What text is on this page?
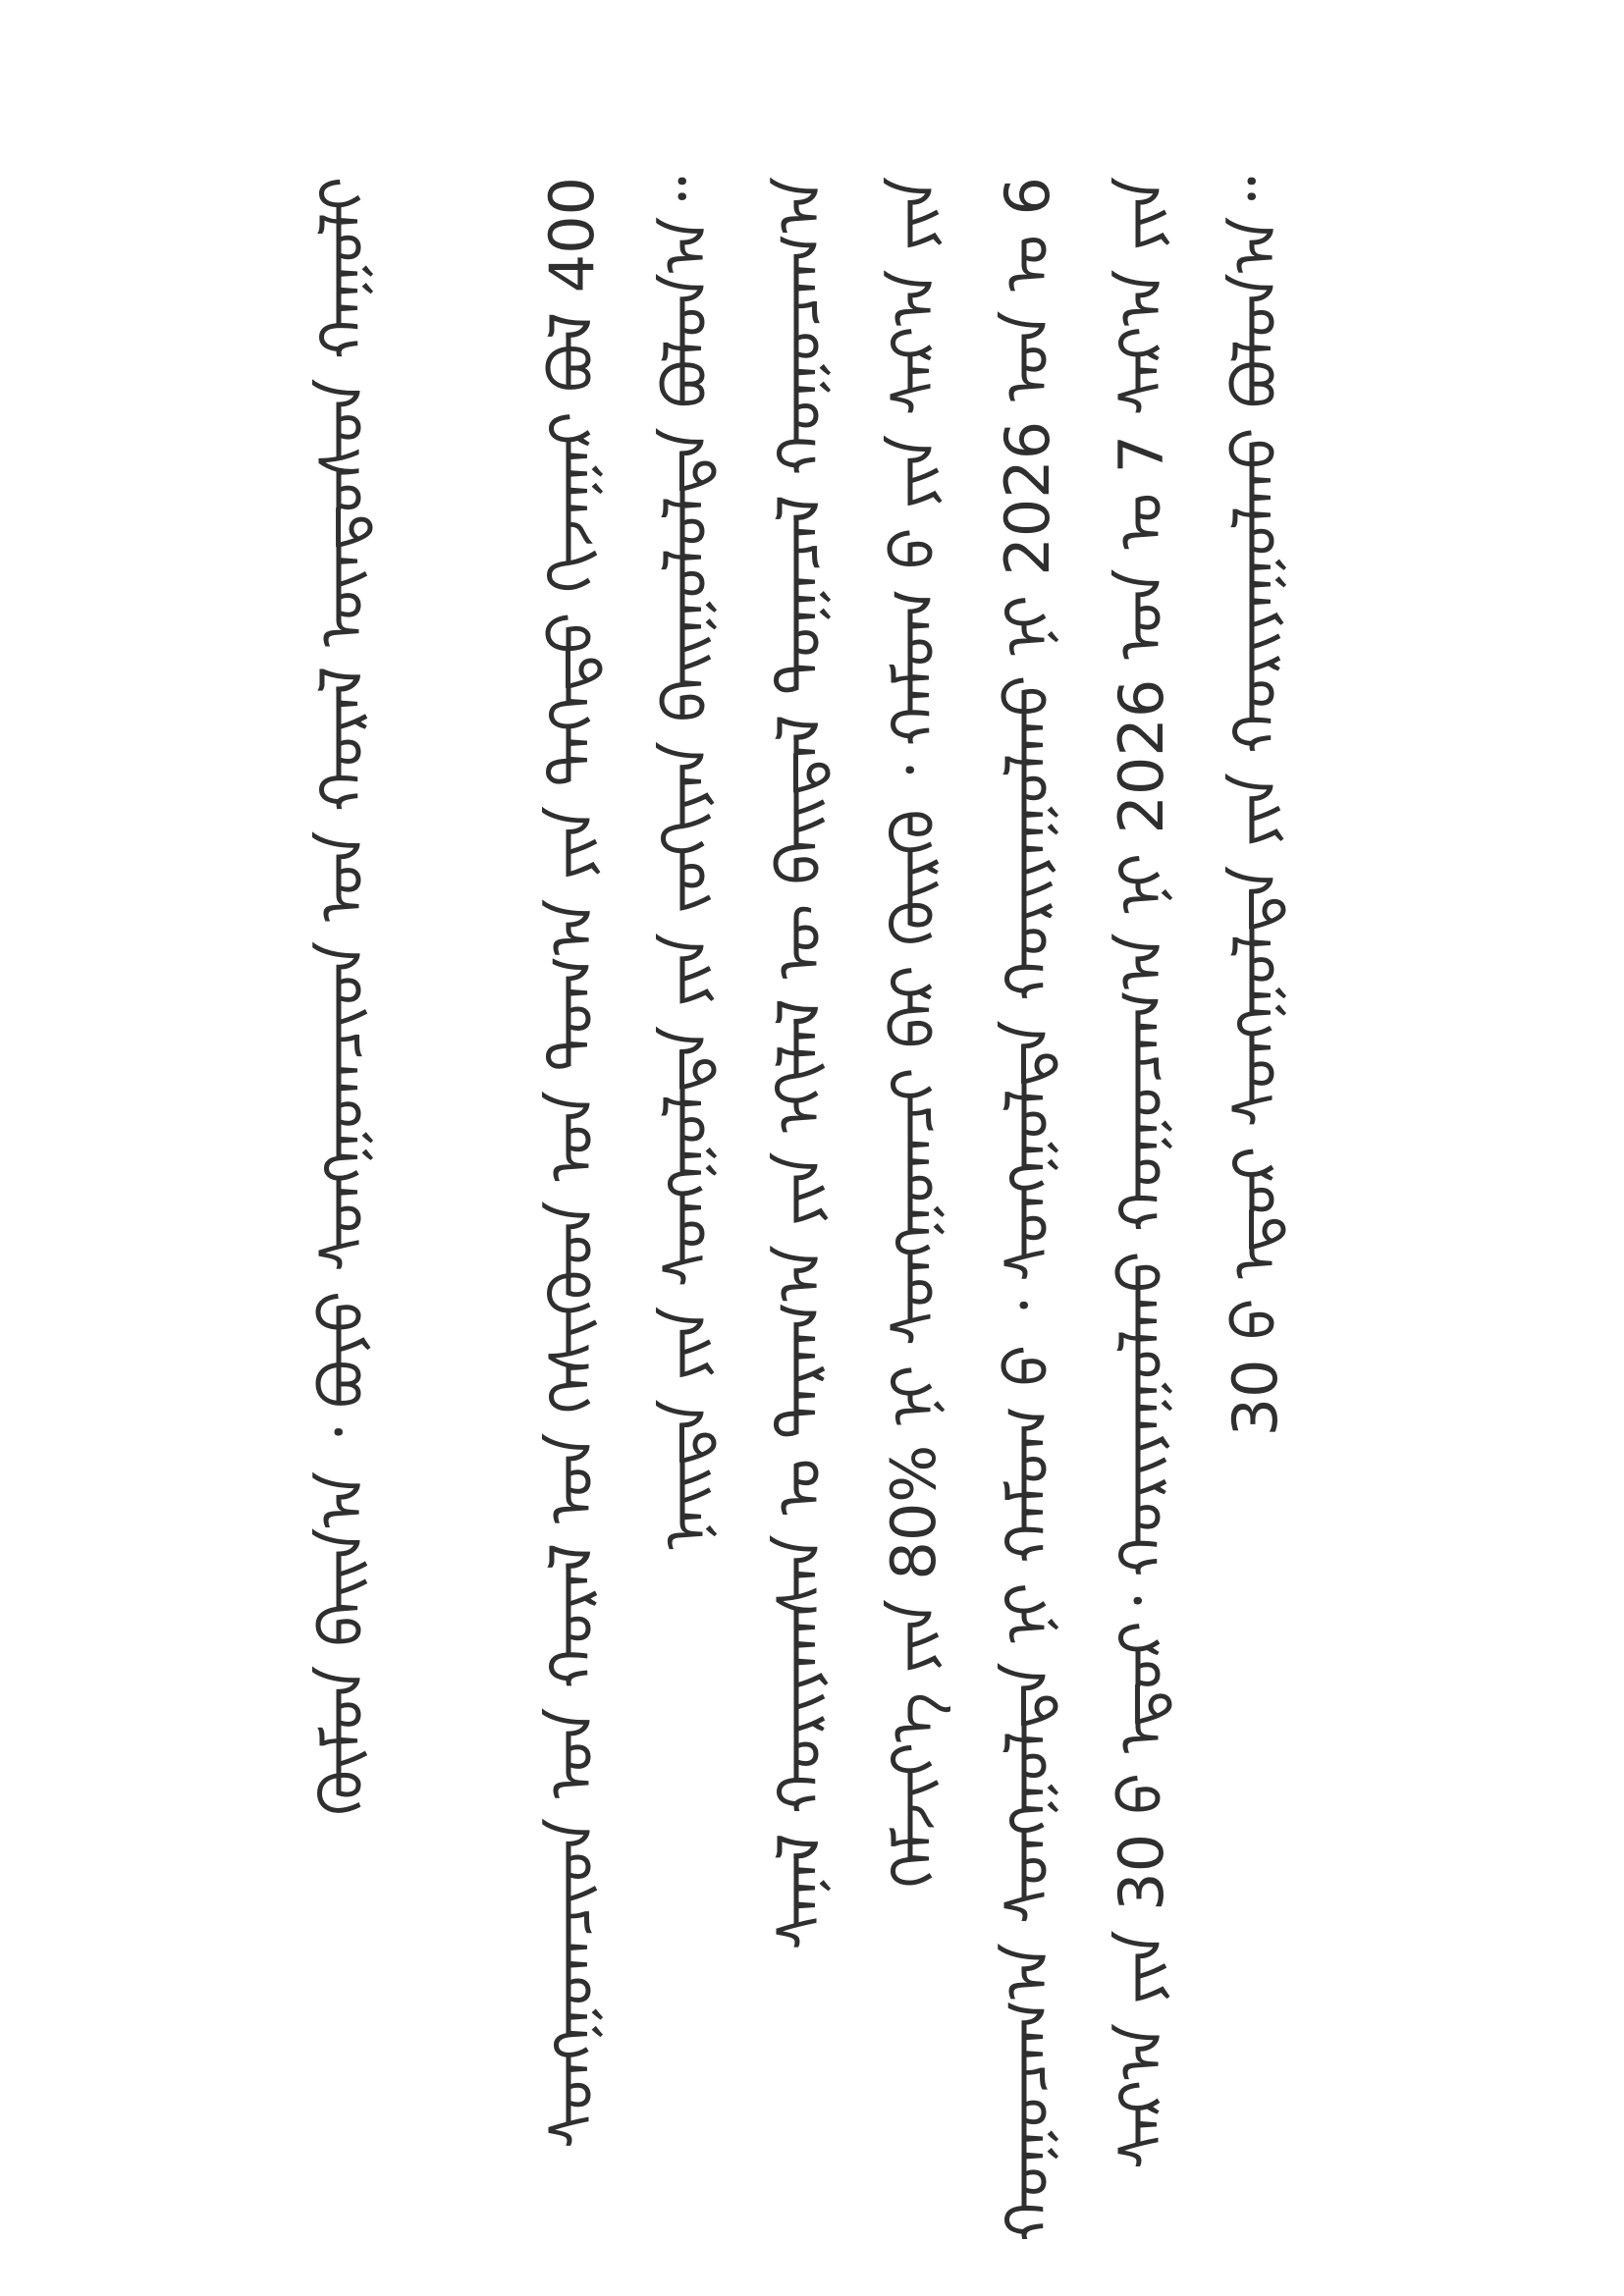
30 ᠪ ᠡᠳᠦᠷ ᠰᠤᠩᠭᠤᠯᠲᠠ ᠶᠢᠨ ᠬᠣᠷᠢᠶᠠᠭᠤᠯᠬᠤ ᠪᠣᠯᠤᠨ᠎ᠠ᠃
ᠰᠠᠷ᠎ᠠ ᠶᠢᠨ 30 ᠪ ᠡᠳᠦᠷ᠂ ᠬᠤᠷᠢᠶᠠᠭᠤᠯᠬᠤ ᠬᠤᠭᠤᠴᠠᠭ᠎ᠠ ᠨᠢ 2026 ᠣᠨ ᠤ 7 ᠰᠠᠷ᠎ᠠ ᠶᠢᠨ
ᠬᠤᠭᠤᠴᠠᠭ᠎ᠠ ᠰᠤᠩᠭᠤᠯᠲᠠ ᠨᠢ ᠬᠠᠮᠤᠭ ᠪ ᠂ ᠰᠤᠩᠭᠤᠯᠲᠠ ᠬᠤᠷᠢᠶᠠᠭᠤᠯᠬᠤ ᠨᠢ 2026 ᠣᠨ ᠤ 6
ᠬᠡᠮᠵᠢᠶ᠎ᠡ ᠶᠢᠨ 80% ᠨᠢ ᠰᠤᠩᠭᠤᠭᠴᠢ ᠪᠡᠷ ᠬᠦᠷᠬᠦ ᠂ ᠬᠠᠮᠤᠭ ᠪ ᠶᠢᠨ ᠰᠠᠷ᠎ᠠ ᠶᠢᠨ
ᠰᠠᠨᠠᠯ ᠬᠤᠷᠢᠶᠠᠭᠰᠠᠨ ᠤ ᠳᠠᠷᠠᠭ᠎ᠠ ᠶᠢᠨ ᠡᠬᠢᠯᠡᠯ ᠦ ᠪᠠᠢᠳᠠᠯ ᠲᠣᠭᠠᠴᠠᠯ ᠬᠤᠭᠤᠴᠠᠭ᠎ᠠ
ᠨᠡᠢᠲᠡ ᠶᠢᠨ ᠰᠤᠩᠭᠤᠯᠲᠠ ᠶᠢᠨ ᠵᠣᠬᠢᠶᠠᠨ ᠪᠠᠢᠭᠤᠯᠤᠯᠲᠠ ᠪᠣᠯᠤᠨ᠎ᠠ᠃
ᠰᠤᠩᠭᠤᠭᠴᠢᠳ ᠤᠨ ᠬᠤᠷᠠᠯ ᠤᠨ ᠭᠡᠰᠢᠭᠦᠳ ᠤᠨ ᠲᠣᠭ᠎ᠠ ᠶᠢᠨ ᠳᠡᠭᠡᠳᠦ ᠬᠢᠵᠠᠭᠠᠷ ᠪᠣᠯ 400
ᠬᠦᠮᠦᠨ ᠪᠠᠢᠨ᠎ᠠ ᠂ ᠪᠤᠶᠤ ᠰᠤᠩᠭᠤᠭᠴᠢᠳ ᠤᠨ ᠬᠤᠷᠠᠯ ᠦᠨᠳᠦᠰᠦᠨ ᠬᠠᠭᠤᠯᠢ
